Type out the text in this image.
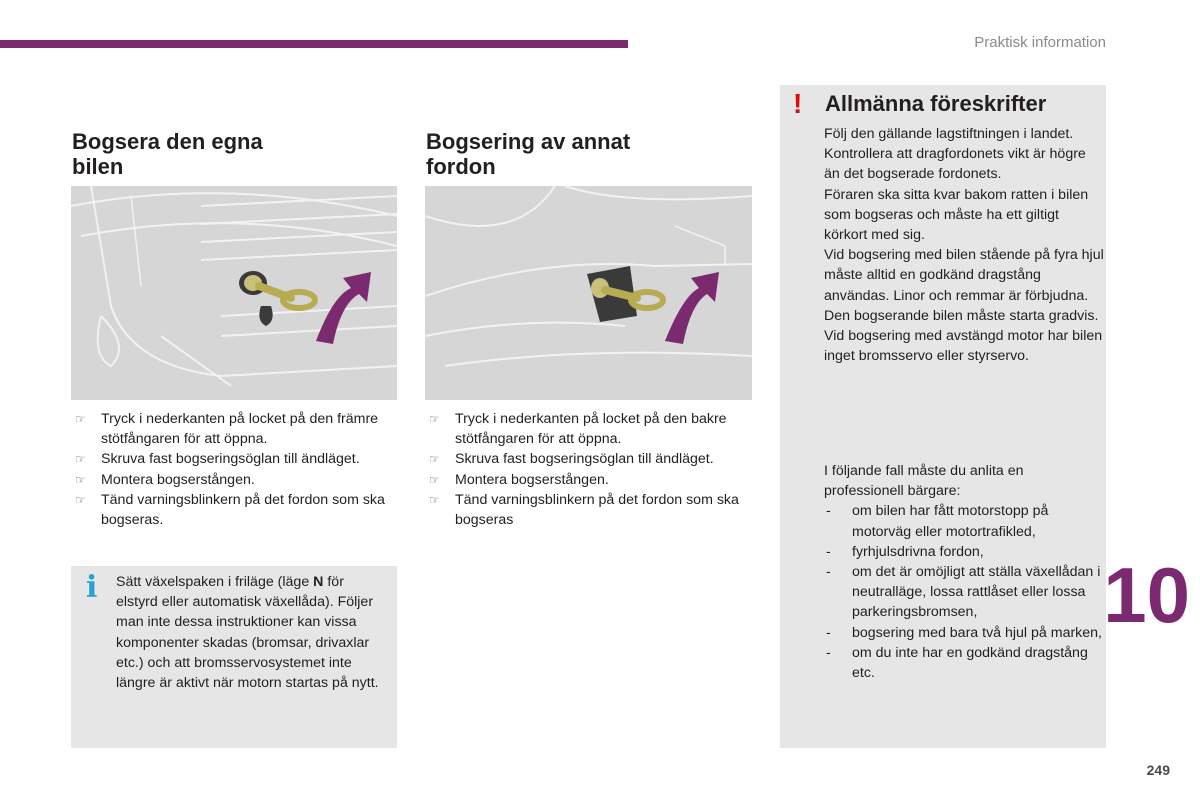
Praktisk information
Bogsera den egna
bilen
☞ Tryck i nederkanten på locket på den främre stötfångaren för att öppna.
☞ Skruva fast bogseringsöglan till ändläget.
☞ Montera bogserstången.
☞ Tänd varningsblinkern på det fordon som ska bogseras.
Bogsering av annat
fordon
☞ Tryck i nederkanten på locket på den bakre stötfångaren för att öppna.
☞ Skruva fast bogseringsöglan till ändläget.
☞ Montera bogserstången.
☞ Tänd varningsblinkern på det fordon som ska bogseras
i Sätt växelspaken i friläge (läge N för elstyrd eller automatisk växellåda). Följer man inte dessa instruktioner kan vissa komponenter skadas (bromsar, drivaxlar etc.) och att bromsservosystemet inte längre är aktivt när motorn startas på nytt.

! Allmänna föreskrifter

Följ den gällande lagstiftningen i landet.

Kontrollera att dragfordonets vikt är högre än det bogserade fordonets.

Föraren ska sitta kvar bakom ratten i bilen som bogseras och måste ha ett giltigt körkort med sig.

Vid bogsering med bilen stående på fyra hjul måste alltid en godkänd dragstång användas. Linor och remmar är förbjudna.

Den bogserande bilen måste starta gradvis.

Vid bogsering med avstängd motor har bilen inget bromsservo eller styrservo.

I följande fall måste du anlita en professionell bärgare:

- om bilen har fått motorstopp på motorväg eller motortrafikled,
- fyrhjulsdrivna fordon,
- om det är omöjligt att ställa växellådan i neutralläge, lossa rattlåset eller lossa parkeringsbromsen,
- bogsering med bara två hjul på marken,
- om du inte har en godkänd dragstång etc.
10
249
